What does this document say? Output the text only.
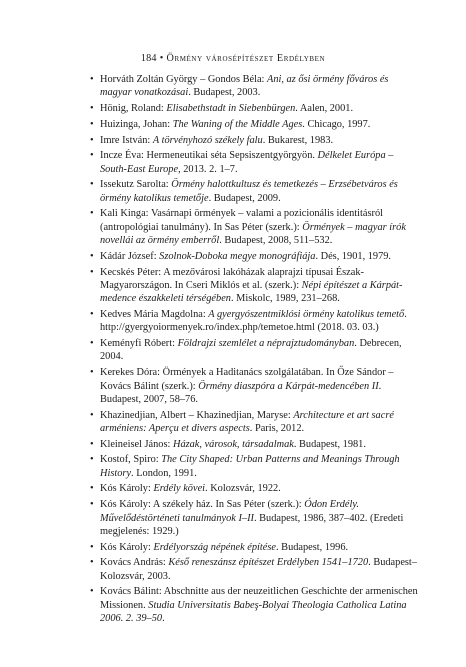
184 • Örmény városépítészet Erdélyben
• Horváth Zoltán György – Gondos Béla: Ani, az ősi örmény főváros és magyar vonatkozásai. Budapest, 2003.
• Hönig, Roland: Elisabethstadt in Siebenbürgen. Aalen, 2001.
• Huizinga, Johan: The Waning of the Middle Ages. Chicago, 1997.
• Imre István: A törvényhozó székely falu. Bukarest, 1983.
• Incze Éva: Hermeneutikai séta Sepsiszentgyörgyön. Délkelet Európa – South-East Europe, 2013. 2. 1–7.
• Issekutz Sarolta: Örmény halottkultusz és temetkezés – Erzsébetváros és örmény katolikus temetője. Budapest, 2009.
• Kali Kinga: Vasárnapi örmények – valami a pozicionális identitásról (antropológiai tanulmány). In Sas Péter (szerk.): Örmények – magyar írók novellái az örmény emberről. Budapest, 2008, 511–532.
• Kádár József: Szolnok-Doboka megye monográfiája. Dés, 1901, 1979.
• Kecskés Péter: A mezővárosi lakóházak alaprajzi típusai Észak-Magyarországon. In Cseri Miklós et al. (szerk.): Népi építészet a Kárpát-medence északkeleti térségében. Miskolc, 1989, 231–268.
• Kedves Mária Magdolna: A gyergyószentmiklósi örmény katolikus temető. http://gyergyoiormenyek.ro/index.php/temetoe.html (2018. 03. 03.)
• Keményfi Róbert: Földrajzi szemlélet a néprajztudományban. Debrecen, 2004.
• Kerekes Dóra: Örmények a Haditanács szolgálatában. In Őze Sándor – Kovács Bálint (szerk.): Örmény diaszpóra a Kárpát-medencében II. Budapest, 2007, 58–76.
• Khazinedjian, Albert – Khazinedjian, Maryse: Architecture et art sacré arméniens: Aperçu et divers aspects. Paris, 2012.
• Kleineisel János: Házak, városok, társadalmak. Budapest, 1981.
• Kostof, Spiro: The City Shaped: Urban Patterns and Meanings Through History. London, 1991.
• Kós Károly: Erdély kövei. Kolozsvár, 1922.
• Kós Károly: A székely ház. In Sas Péter (szerk.): Ódon Erdély. Művelődéstörténeti tanulmányok I–II. Budapest, 1986, 387–402. (Eredeti megjelenés: 1929.)
• Kós Károly: Erdélyország népének építése. Budapest, 1996.
• Kovács András: Késő reneszánsz építészet Erdélyben 1541–1720. Budapest–Kolozsvár, 2003.
• Kovács Bálint: Abschnitte aus der neuzeitlichen Geschichte der armenischen Missionen. Studia Universitatis Babeş-Bolyai Theologia Catholica Latina 2006. 2. 39–50.
